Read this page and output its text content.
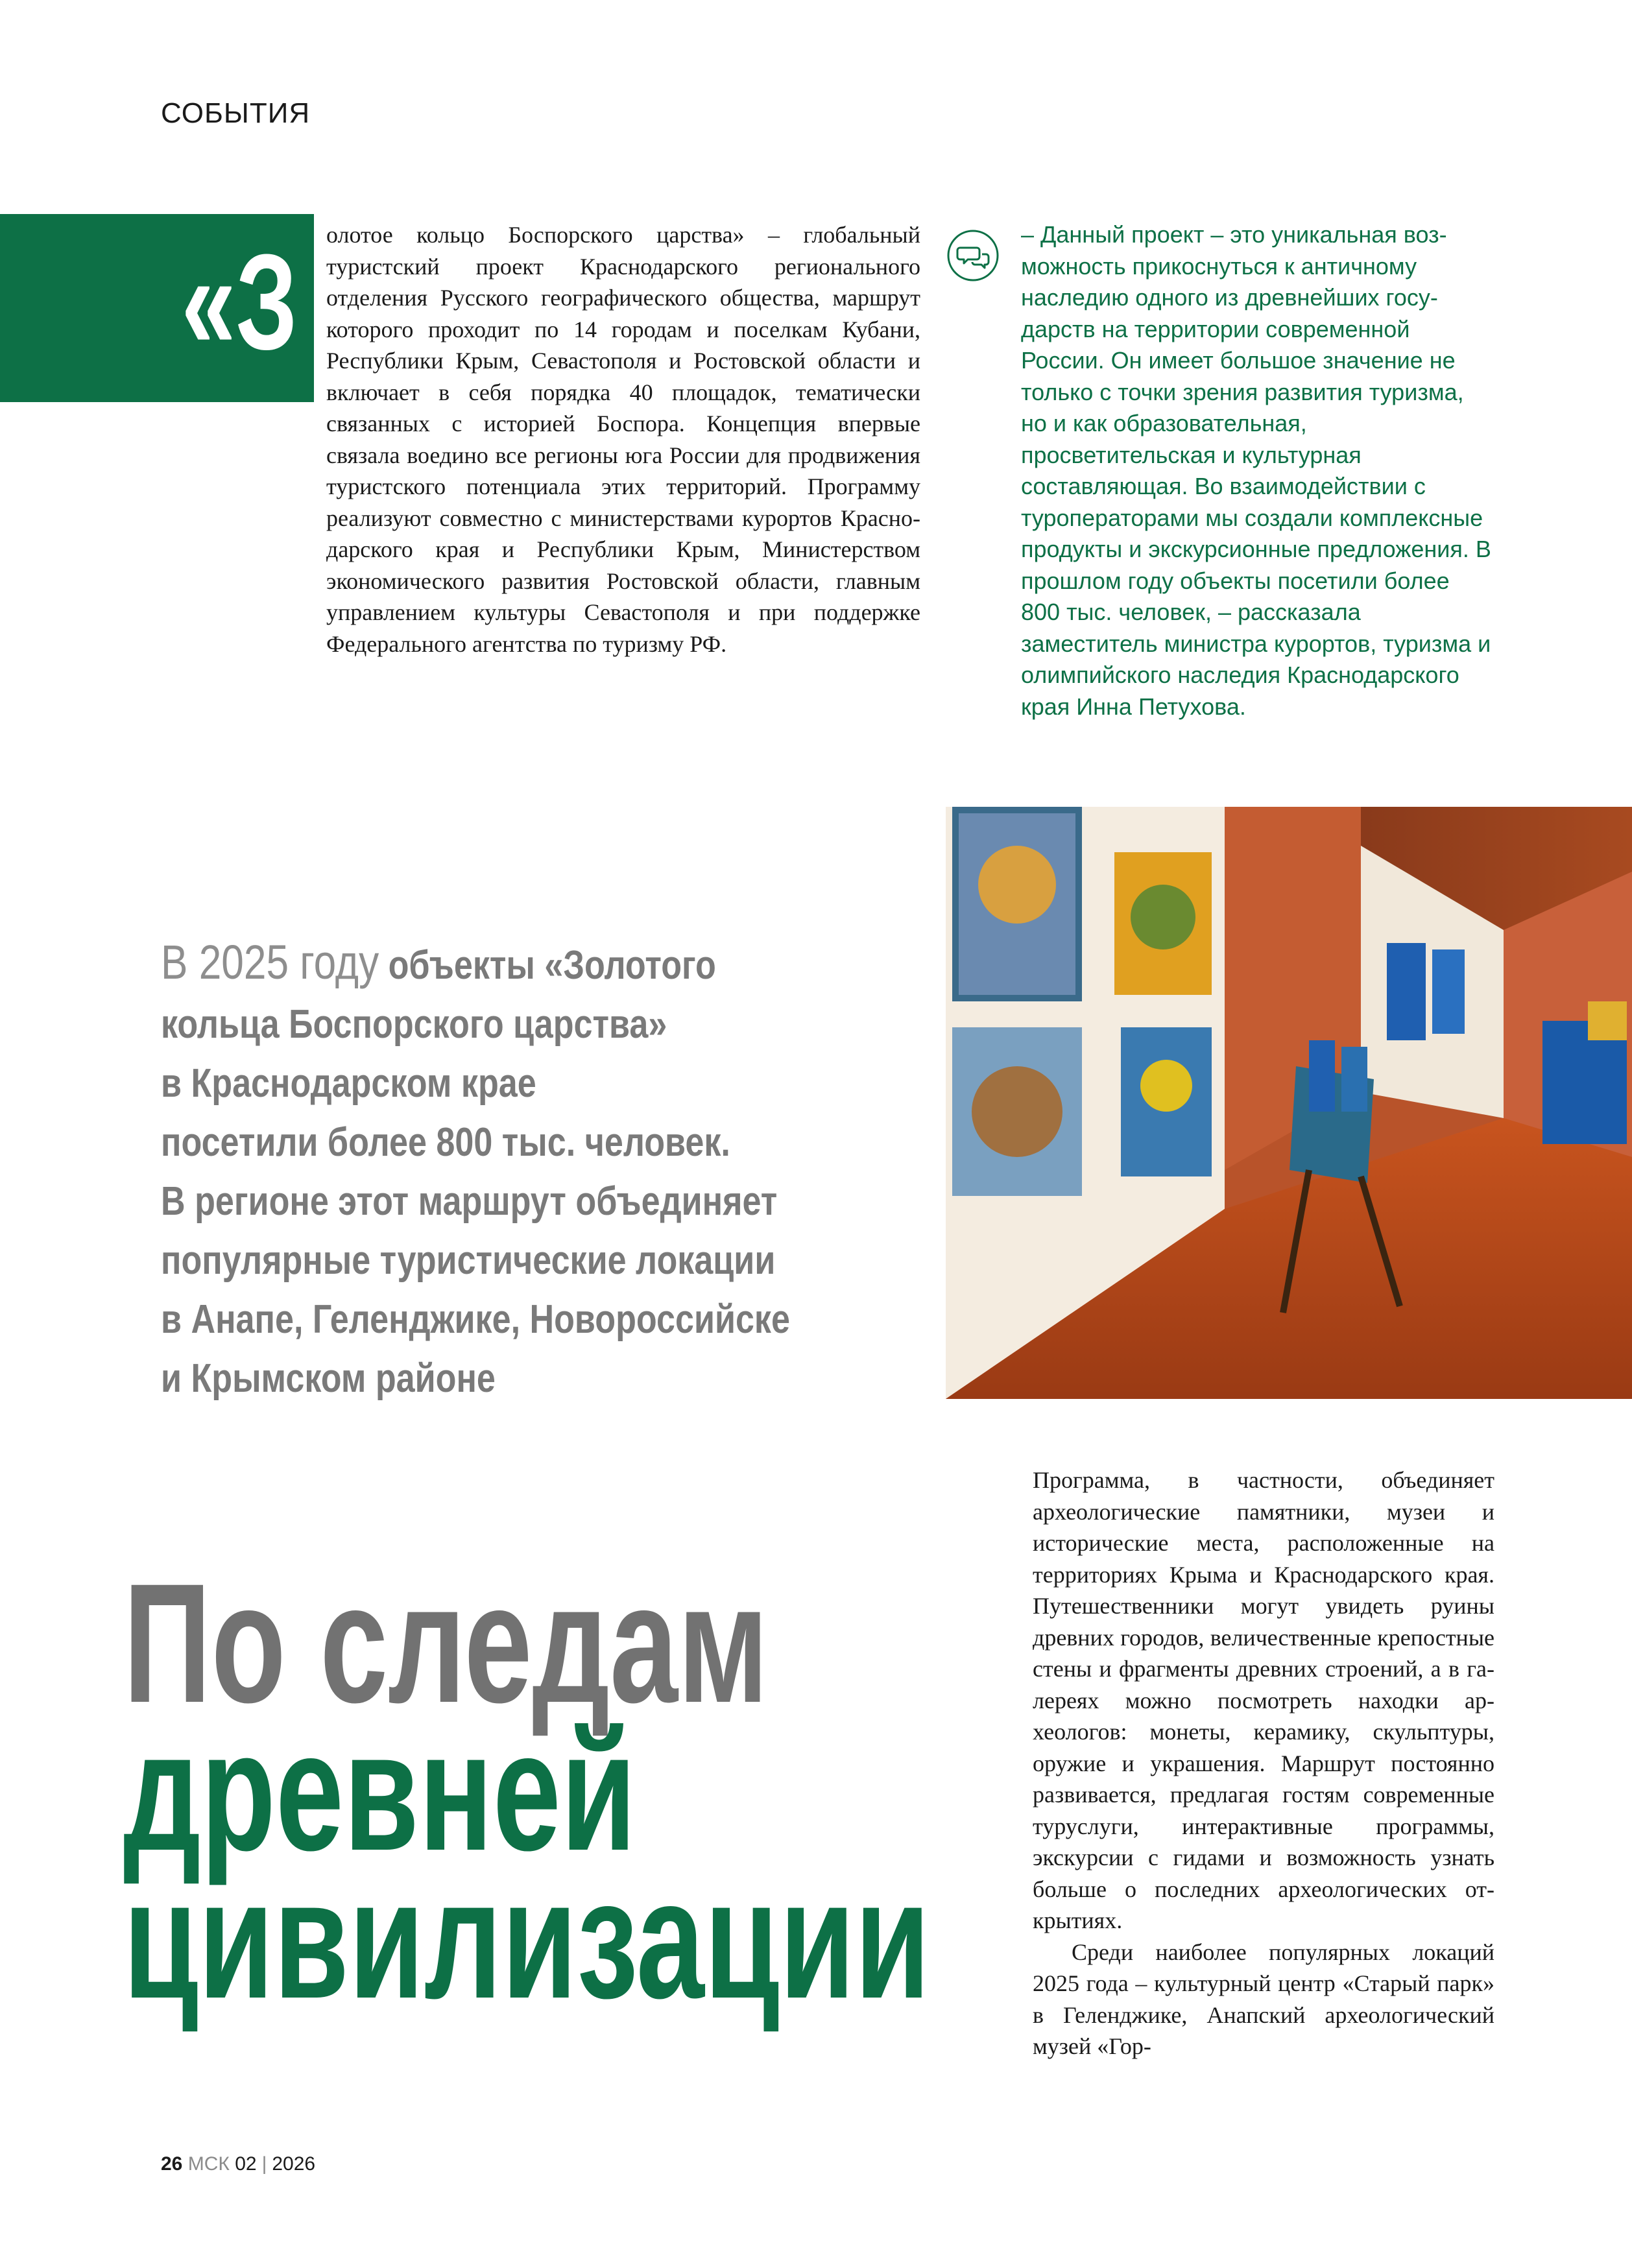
СОБЫТИЯ
«З олотое кольцо Боспорского царства» – глобальный туристский проект Краснодарского регионального отделения Русского географического общества, маршрут которого проходит по 14 городам и поселкам Кубани, Республики Крым, Севастополя и Ростовской области и включает в себя порядка 40 площадок, тематически связанных с историей Боспора. Концепция впервые связала воедино все регионы юга России для продвижения туристского потенциала этих территорий. Программу реализуют совместно с министерствами курортов Краснодарского края и Республики Крым, Министерством экономического развития Ростовской области, главным управлением культуры Севастополя и при поддержке Федерального агентства по туризму РФ.

– Данный проект – это уникальная возможность прикоснуться к античному наследию одного из древнейших государств на территории современной России. Он имеет большое значение не только с точки зрения развития туризма, но и как образовательная, просветительская и культурная составляющая. Во взаимодействии с туроператорами мы создали комплексные продукты и экскурсионные предложения. В прошлом году объекты посетили более 800 тыс. человек, – рассказала заместитель министра курортов, туризма и олимпийского наследия Краснодарского края Инна Петухова.

В 2025 году объекты «Золотого
кольца Боспорского царства»
в Краснодарском крае
посетили более 800 тыс. человек.
В регионе этот маршрут объединяет
популярные туристические локации
в Анапе, Геленджике, Новороссийске
и Крымском районе
По следам
древней
цивилизации

Программа, в частности, объединяет археологические памятники, музеи и исторические места, расположенные на территориях Крыма и Краснодарского края. Путешественники могут увидеть руины древних городов, величественные крепостные стены и фрагменты древних строений, а в галереях можно посмотреть находки археологов: монеты, керамику, скульптуры, оружие и украшения. Маршрут постоянно развивается, предлагая гостям современные туруслуги, интерактивные программы, экскурсии с гидами и возможность узнать больше о последних археологических открытиях.

Среди наиболее популярных локаций 2025 года – культурный центр «Старый парк» в Геленджике, Анапский археологический музей «Гор-

26 МСК 02 | 2026
